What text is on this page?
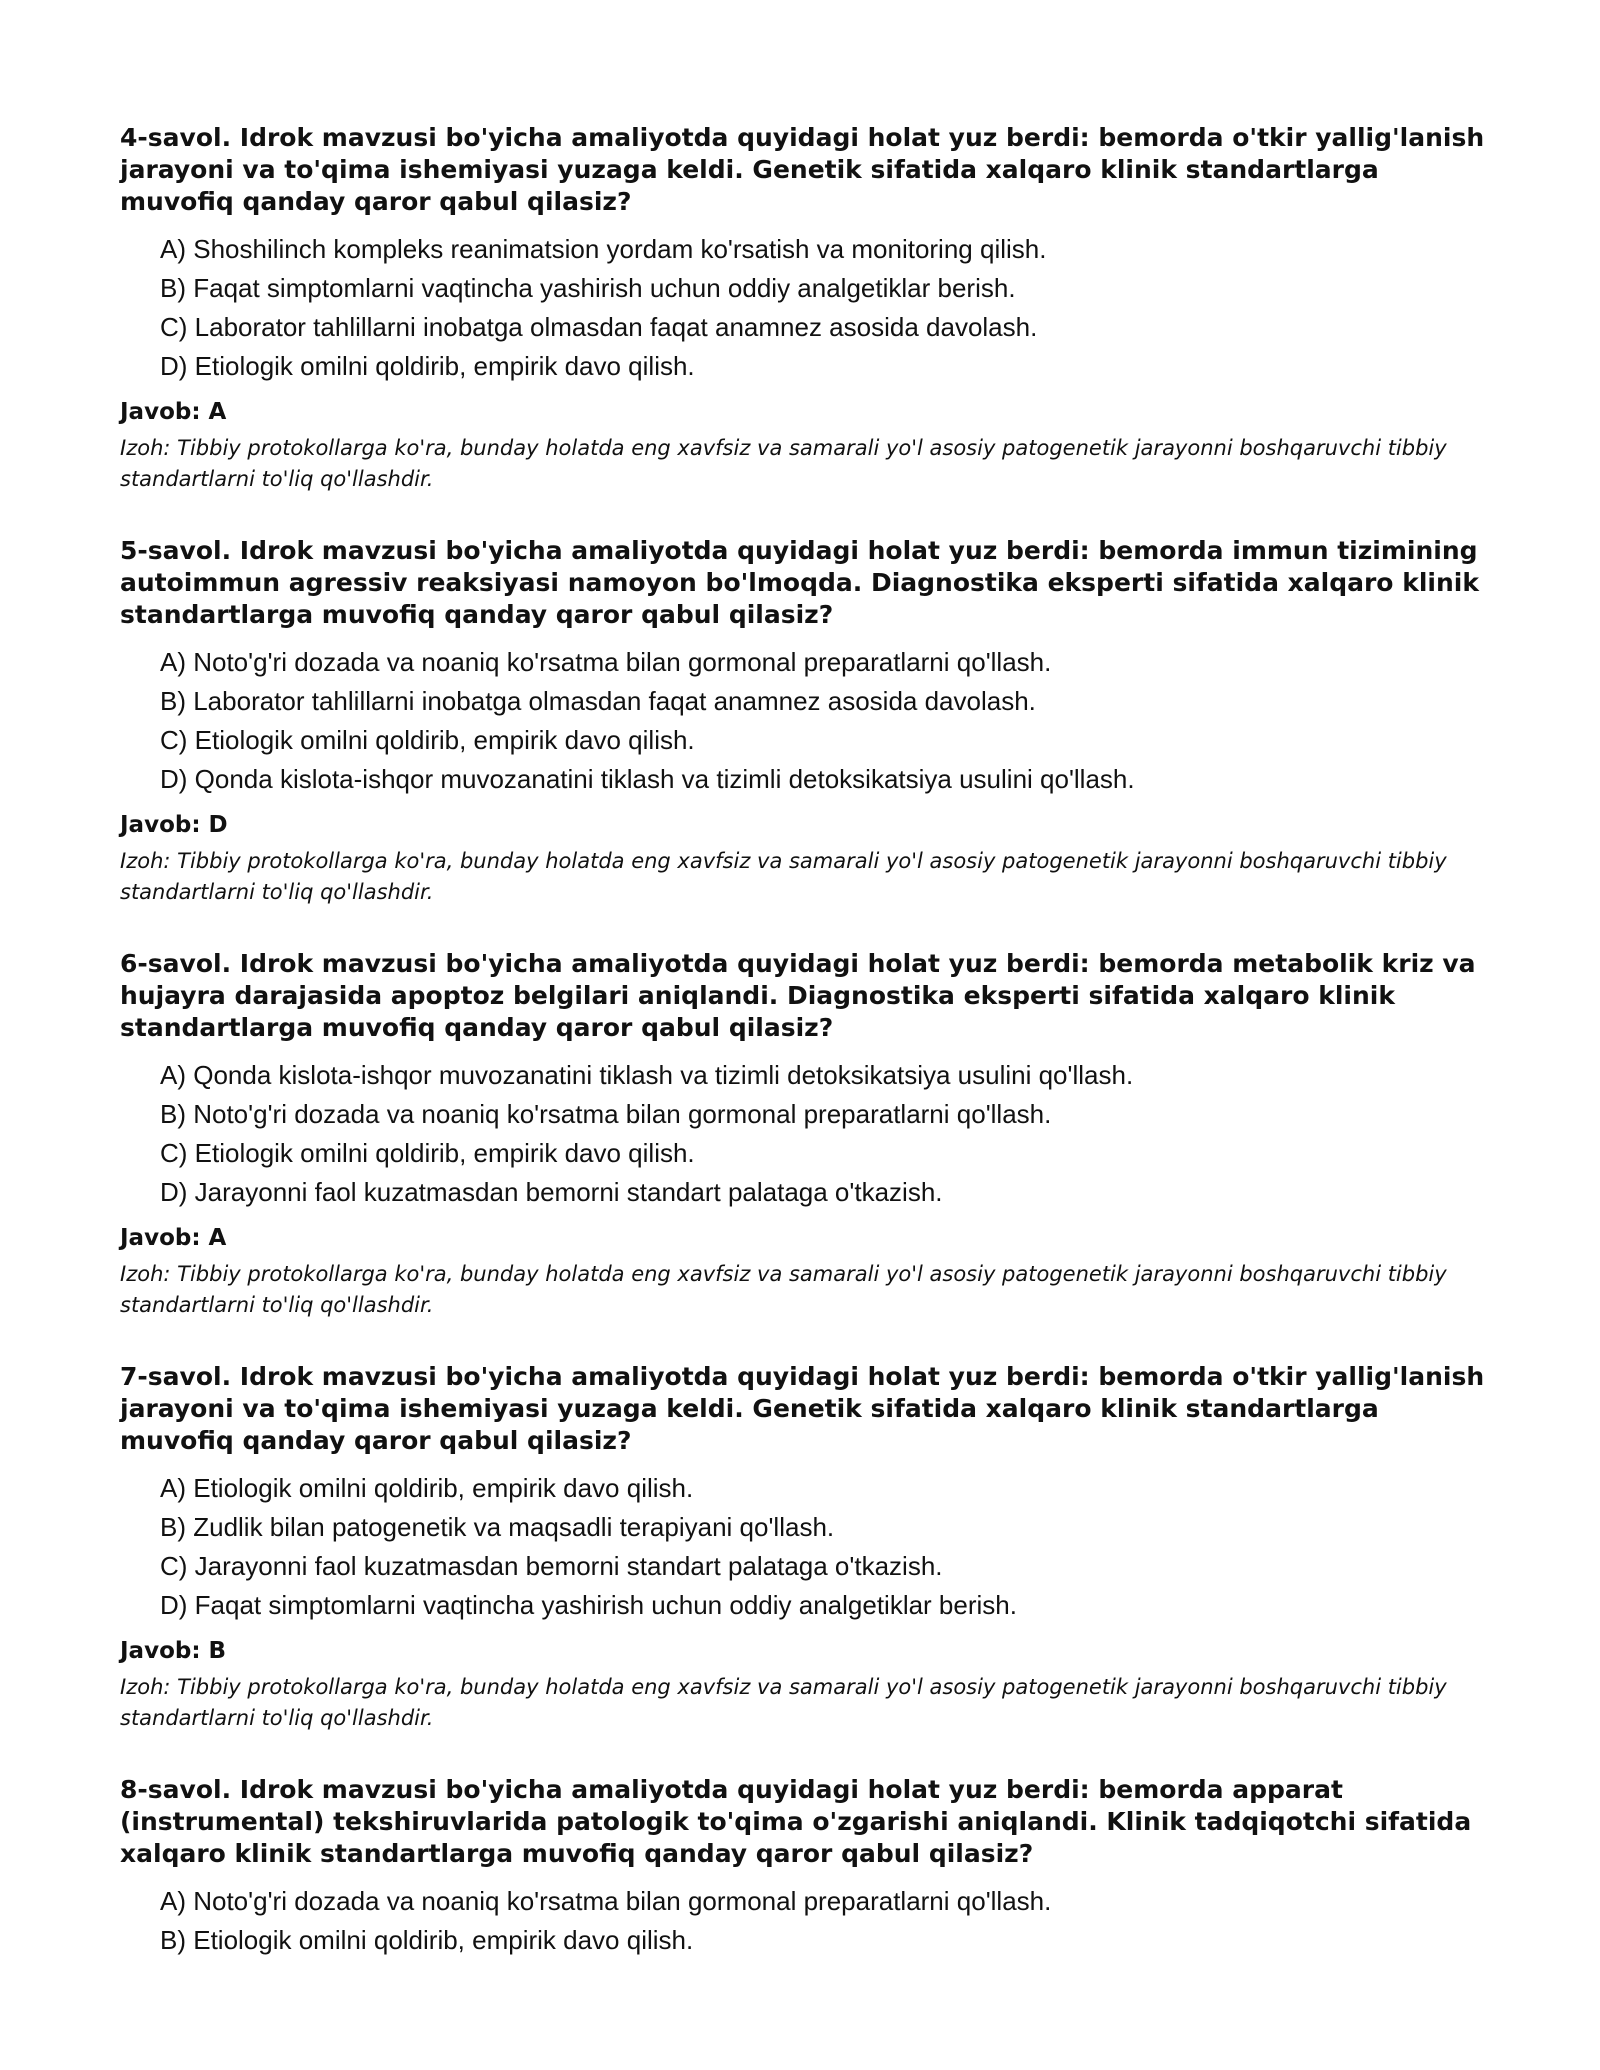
4-savol. Idrok mavzusi bo'yicha amaliyotda quyidagi holat yuz berdi: bemorda o'tkir yallig'lanish jarayoni va to'qima ishemiyasi yuzaga keldi. Genetik sifatida xalqaro klinik standartlarga muvofiq qanday qaror qabul qilasiz?
A) Shoshilinch kompleks reanimatsion yordam ko'rsatish va monitoring qilish.
B) Faqat simptomlarni vaqtincha yashirish uchun oddiy analgetiklar berish.
C) Laborator tahlillarni inobatga olmasdan faqat anamnez asosida davolash.
D) Etiologik omilni qoldirib, empirik davo qilish.
Javob: A

Izoh: Tibbiy protokollarga ko'ra, bunday holatda eng xavfsiz va samarali yo'l asosiy patogenetik jarayonni boshqaruvchi tibbiy standartlarni to'liq qo'llashdir.

5-savol. Idrok mavzusi bo'yicha amaliyotda quyidagi holat yuz berdi: bemorda immun tizimining autoimmun agressiv reaksiyasi namoyon bo'lmoqda. Diagnostika eksperti sifatida xalqaro klinik standartlarga muvofiq qanday qaror qabul qilasiz?
A) Noto'g'ri dozada va noaniq ko'rsatma bilan gormonal preparatlarni qo'llash.
B) Laborator tahlillarni inobatga olmasdan faqat anamnez asosida davolash.
C) Etiologik omilni qoldirib, empirik davo qilish.
D) Qonda kislota-ishqor muvozanatini tiklash va tizimli detoksikatsiya usulini qo'llash.
Javob: D

Izoh: Tibbiy protokollarga ko'ra, bunday holatda eng xavfsiz va samarali yo'l asosiy patogenetik jarayonni boshqaruvchi tibbiy standartlarni to'liq qo'llashdir.

6-savol. Idrok mavzusi bo'yicha amaliyotda quyidagi holat yuz berdi: bemorda metabolik kriz va hujayra darajasida apoptoz belgilari aniqlandi. Diagnostika eksperti sifatida xalqaro klinik standartlarga muvofiq qanday qaror qabul qilasiz?
A) Qonda kislota-ishqor muvozanatini tiklash va tizimli detoksikatsiya usulini qo'llash.
B) Noto'g'ri dozada va noaniq ko'rsatma bilan gormonal preparatlarni qo'llash.
C) Etiologik omilni qoldirib, empirik davo qilish.
D) Jarayonni faol kuzatmasdan bemorni standart palataga o'tkazish.
Javob: A

Izoh: Tibbiy protokollarga ko'ra, bunday holatda eng xavfsiz va samarali yo'l asosiy patogenetik jarayonni boshqaruvchi tibbiy standartlarni to'liq qo'llashdir.

7-savol. Idrok mavzusi bo'yicha amaliyotda quyidagi holat yuz berdi: bemorda o'tkir yallig'lanish jarayoni va to'qima ishemiyasi yuzaga keldi. Genetik sifatida xalqaro klinik standartlarga muvofiq qanday qaror qabul qilasiz?
A) Etiologik omilni qoldirib, empirik davo qilish.
B) Zudlik bilan patogenetik va maqsadli terapiyani qo'llash.
C) Jarayonni faol kuzatmasdan bemorni standart palataga o'tkazish.
D) Faqat simptomlarni vaqtincha yashirish uchun oddiy analgetiklar berish.
Javob: B

Izoh: Tibbiy protokollarga ko'ra, bunday holatda eng xavfsiz va samarali yo'l asosiy patogenetik jarayonni boshqaruvchi tibbiy standartlarni to'liq qo'llashdir.

8-savol. Idrok mavzusi bo'yicha amaliyotda quyidagi holat yuz berdi: bemorda apparat (instrumental) tekshiruvlarida patologik to'qima o'zgarishi aniqlandi. Klinik tadqiqotchi sifatida xalqaro klinik standartlarga muvofiq qanday qaror qabul qilasiz?
A) Noto'g'ri dozada va noaniq ko'rsatma bilan gormonal preparatlarni qo'llash.
B) Etiologik omilni qoldirib, empirik davo qilish.
